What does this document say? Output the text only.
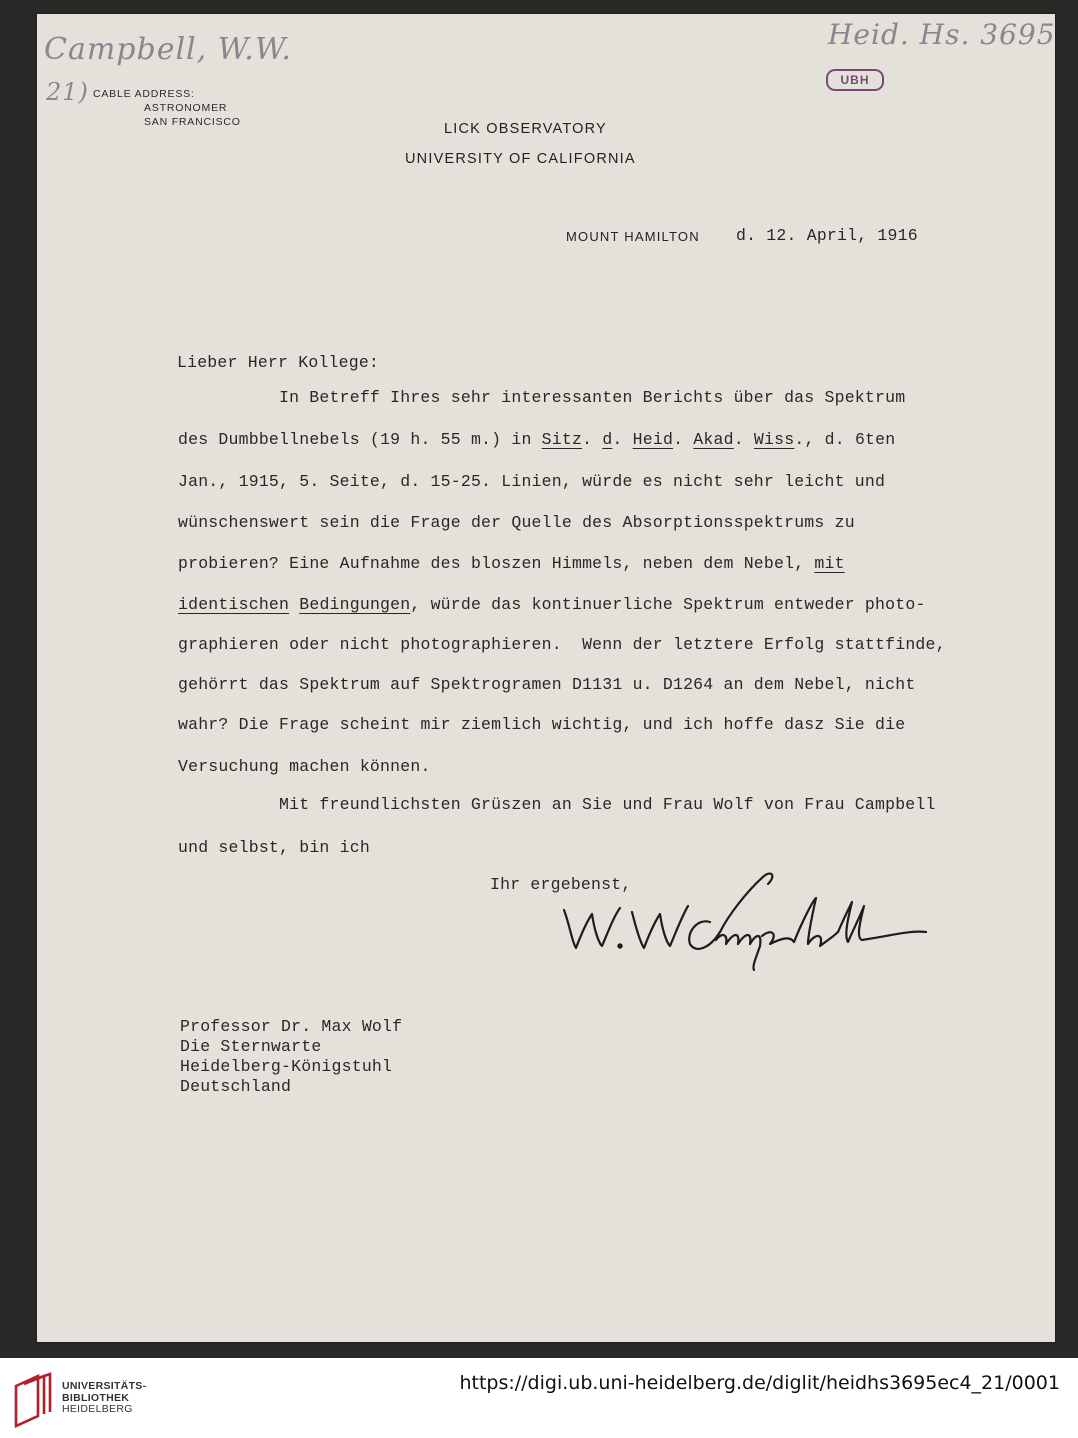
Campbell, W.W.
21)
Heid. Hs. 3695
UBH
CABLE ADDRESS:
ASTRONOMER
SAN FRANCISCO	LICK OBSERVATORY
UNIVERSITY OF CALIFORNIA
MOUNT HAMILTON d. 12. April, 1916
Lieber Herr Kollege:
In Betreff Ihres sehr interessanten Berichts über das Spektrum
des Dumbbellnebels (19 h. 55 m.) in Sitz. d. Heid. Akad. Wiss., d. 6ten
Jan., 1915, 5. Seite, d. 15-25. Linien, würde es nicht sehr leicht und
wünschenswert sein die Frage der Quelle des Absorptionsspektrums zu
probieren? Eine Aufnahme des bloszen Himmels, neben dem Nebel, mit
identischen Bedingungen, würde das kontinuerliche Spektrum entweder photo-
graphieren oder nicht photographieren.  Wenn der letztere Erfolg stattfinde,
gehörrt das Spektrum auf Spektrogramen D1131 u. D1264 an dem Nebel, nicht
wahr? Die Frage scheint mir ziemlich wichtig, und ich hoffe dasz Sie die
Versuchung machen können.
Mit freundlichsten Grüszen an Sie und Frau Wolf von Frau Campbell
und selbst, bin ich
Ihr ergebenst,
Professor Dr. Max Wolf
Die Sternwarte
Heidelberg-Königstuhl
Deutschland
UNIVERSITÄTS-
BIBLIOTHEK
HEIDELBERG
https://digi.ub.uni-heidelberg.de/diglit/heidhs3695ec4_21/0001
